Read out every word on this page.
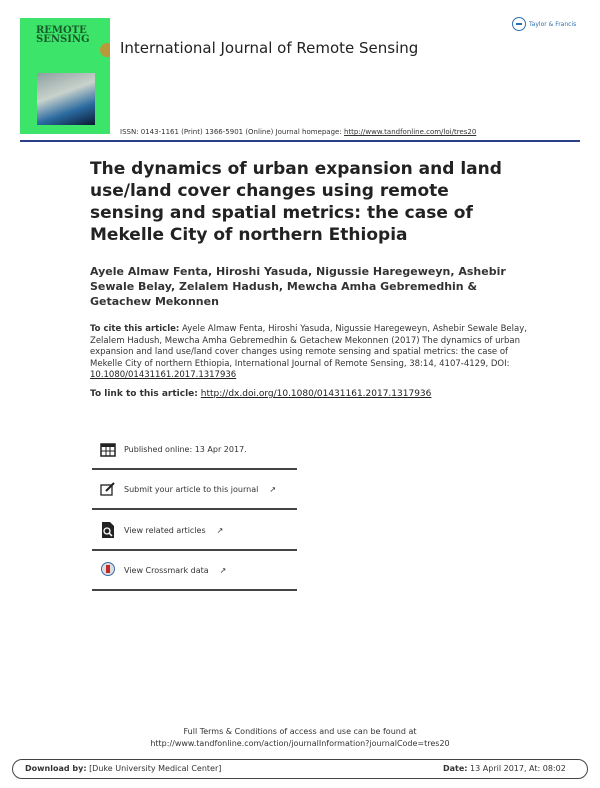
REMOTE SENSING	International Journal of Remote Sensing
Taylor & Francis
ISSN: 0143-1161 (Print) 1366-5901 (Online) Journal homepage: http://www.tandfonline.com/loi/tres20
The dynamics of urban expansion and land use/land cover changes using remote sensing and spatial metrics: the case of Mekelle City of northern Ethiopia
Ayele Almaw Fenta, Hiroshi Yasuda, Nigussie Haregeweyn, Ashebir Sewale Belay, Zelalem Hadush, Mewcha Amha Gebremedhin & Getachew Mekonnen
To cite this article: Ayele Almaw Fenta, Hiroshi Yasuda, Nigussie Haregeweyn, Ashebir Sewale Belay, Zelalem Hadush, Mewcha Amha Gebremedhin & Getachew Mekonnen (2017) The dynamics of urban expansion and land use/land cover changes using remote sensing and spatial metrics: the case of Mekelle City of northern Ethiopia, International Journal of Remote Sensing, 38:14, 4107-4129, DOI: 10.1080/01431161.2017.1317936
To link to this article: http://dx.doi.org/10.1080/01431161.2017.1317936
Published online: 13 Apr 2017.
Submit your article to this journal ↗
View related articles ↗
View Crossmark data ↗
Full Terms & Conditions of access and use can be found at
http://www.tandfonline.com/action/journalInformation?journalCode=tres20
Download by: [Duke University Medical Center]	Date: 13 April 2017, At: 08:02
